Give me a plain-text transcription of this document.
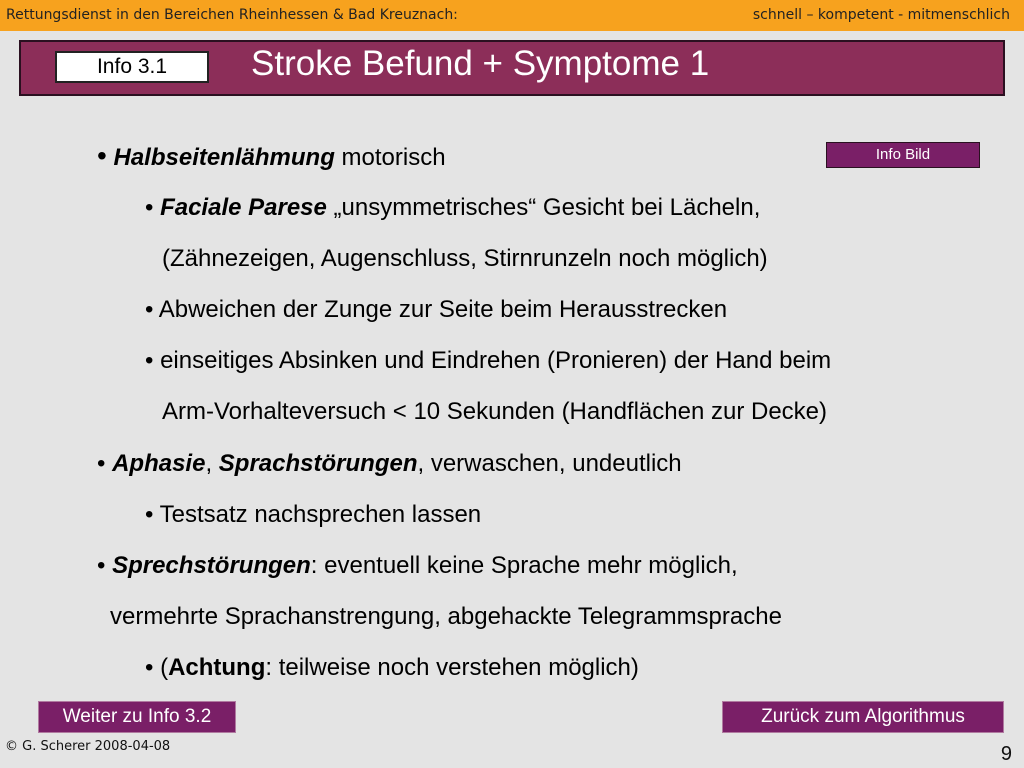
Rettungsdienst in den Bereichen Rheinhessen & Bad Kreuznach:	schnell – kompetent - mitmenschlich
Info 3.1	Stroke Befund + Symptome 1
Info Bild
• Halbseitenlähmung motorisch
• Faciale Parese „unsymmetrisches“ Gesicht bei Lächeln,
(Zähnezeigen, Augenschluss, Stirnrunzeln noch möglich)
• Abweichen der Zunge zur Seite beim Herausstrecken
• einseitiges Absinken und Eindrehen (Pronieren) der Hand beim
Arm-Vorhalteversuch < 10 Sekunden (Handflächen zur Decke)
• Aphasie, Sprachstörungen, verwaschen, undeutlich
• Testsatz nachsprechen lassen
• Sprechstörungen: eventuell keine Sprache mehr möglich,
vermehrte Sprachanstrengung, abgehackte Telegrammsprache
• (Achtung: teilweise noch verstehen möglich)
Weiter zu Info 3.2	Zurück zum Algorithmus
© G. Scherer 2008-04-08	9
